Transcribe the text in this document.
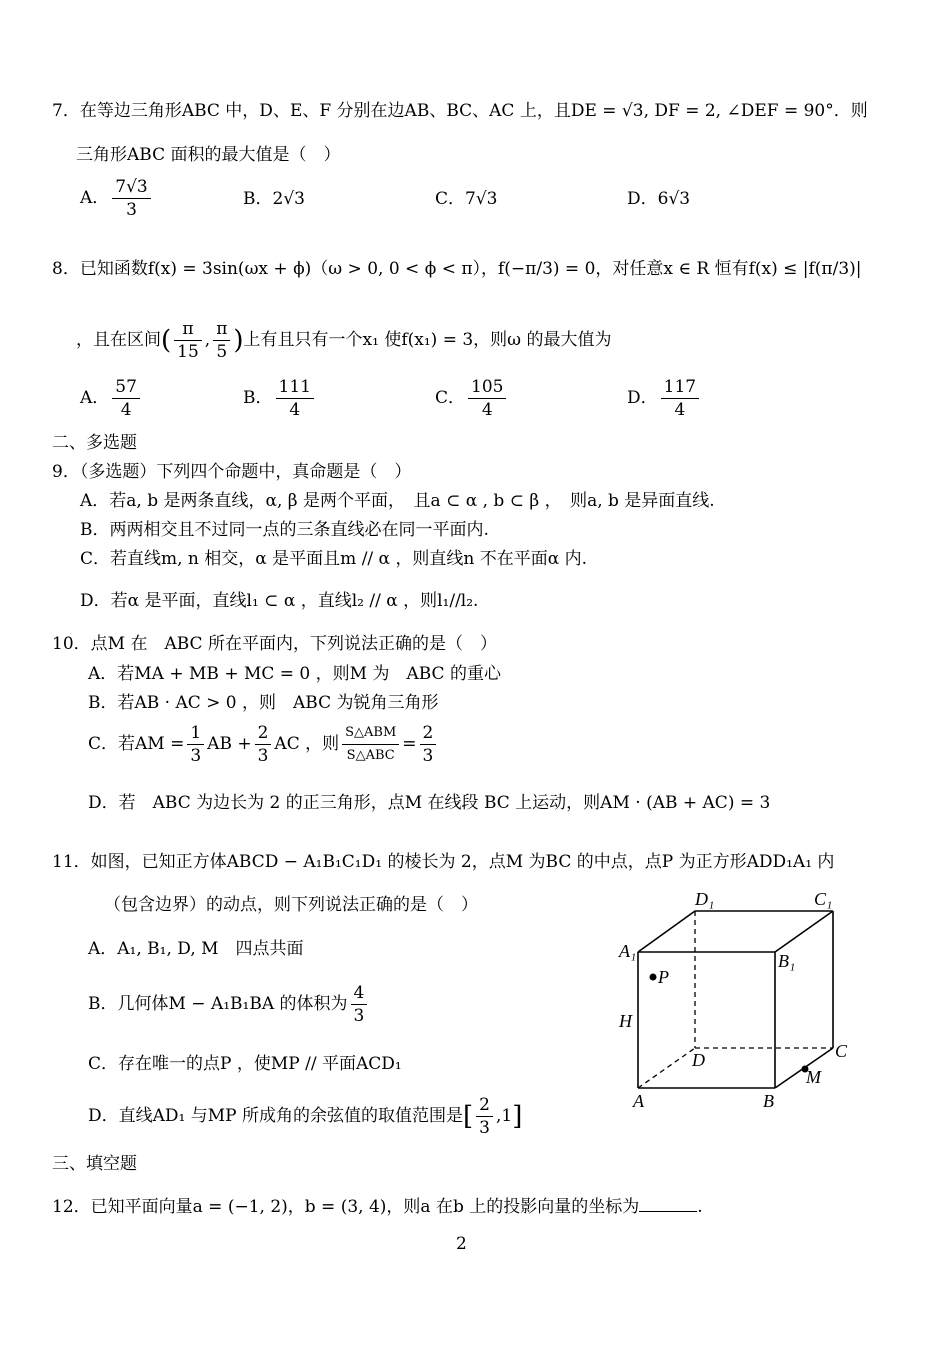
7．在等边三角形ABC 中，D、E、F 分别在边AB、BC、AC 上，且DE = √3, DF = 2, ∠DEF = 90°．则
三角形ABC 面积的最大值是（　）
A． $\frac{7√3}{3}$	B．2√3	C．7√3	D．6√3
8．已知函数f(x) = 3sin(ωx + ϕ)（ω > 0, 0 < ϕ < π），f(−π/3) = 0，对任意x ∈ R 恒有f(x) ≤ |f(π/3)|
，且在区间( $\frac{\pi}{15}$ , $\frac{\pi}{5}$ )上有且只有一个x₁ 使f(x₁) = 3，则ω 的最大值为
A． $\frac{57}{4}$	B． $\frac{111}{4}$	C． $\frac{105}{4}$	D． $\frac{117}{4}$
二、多选题
9．（多选题）下列四个命题中，真命题是（　）
A．若a, b 是两条直线，α, β 是两个平面，　且a ⊂ α , b ⊂ β ，　则a, b 是异面直线.
B．两两相交且不过同一点的三条直线必在同一平面内.
C．若直线m, n 相交，α 是平面且m // α ，则直线n 不在平面α 内.
D．若α 是平面，直线l₁ ⊂ α ，直线l₂ // α ，则l₁//l₂.
10．点M 在　ABC 所在平面内，下列说法正确的是（　）
A．若MA + MB + MC = 0 ，则M 为　ABC 的重心
B．若AB · AC > 0 ，则　ABC 为锐角三角形
C．若AM = $\frac{1}{3}$ AB + $\frac{2}{3}$ AC ，则 $\frac{\text{S△ABM}}{\text{S△ABC}} = \frac{2}{3}$
D．若　ABC 为边长为 2 的正三角形，点M 在线段 BC 上运动，则AM · (AB + AC) = 3
11．如图，已知正方体ABCD − A₁B₁C₁D₁ 的棱长为 2，点M 为BC 的中点，点P 为正方形ADD₁A₁ 内
（包含边界）的动点，则下列说法正确的是（　）
A．A₁, B₁, D, M　四点共面
B．几何体M − A₁B₁BA 的体积为 $\frac{4}{3}$
C．存在唯一的点P ，使MP // 平面ACD₁
D．直线AD₁ 与MP 所成角的余弦值的取值范围是[ $\frac{2}{3} ,1$]
D₁	C₁
A₁	B₁
P
H
D	C
M
A	B
三、填空题
12．已知平面向量a = (−1, 2)，b = (3, 4)，则a 在b 上的投影向量的坐标为	.
2
